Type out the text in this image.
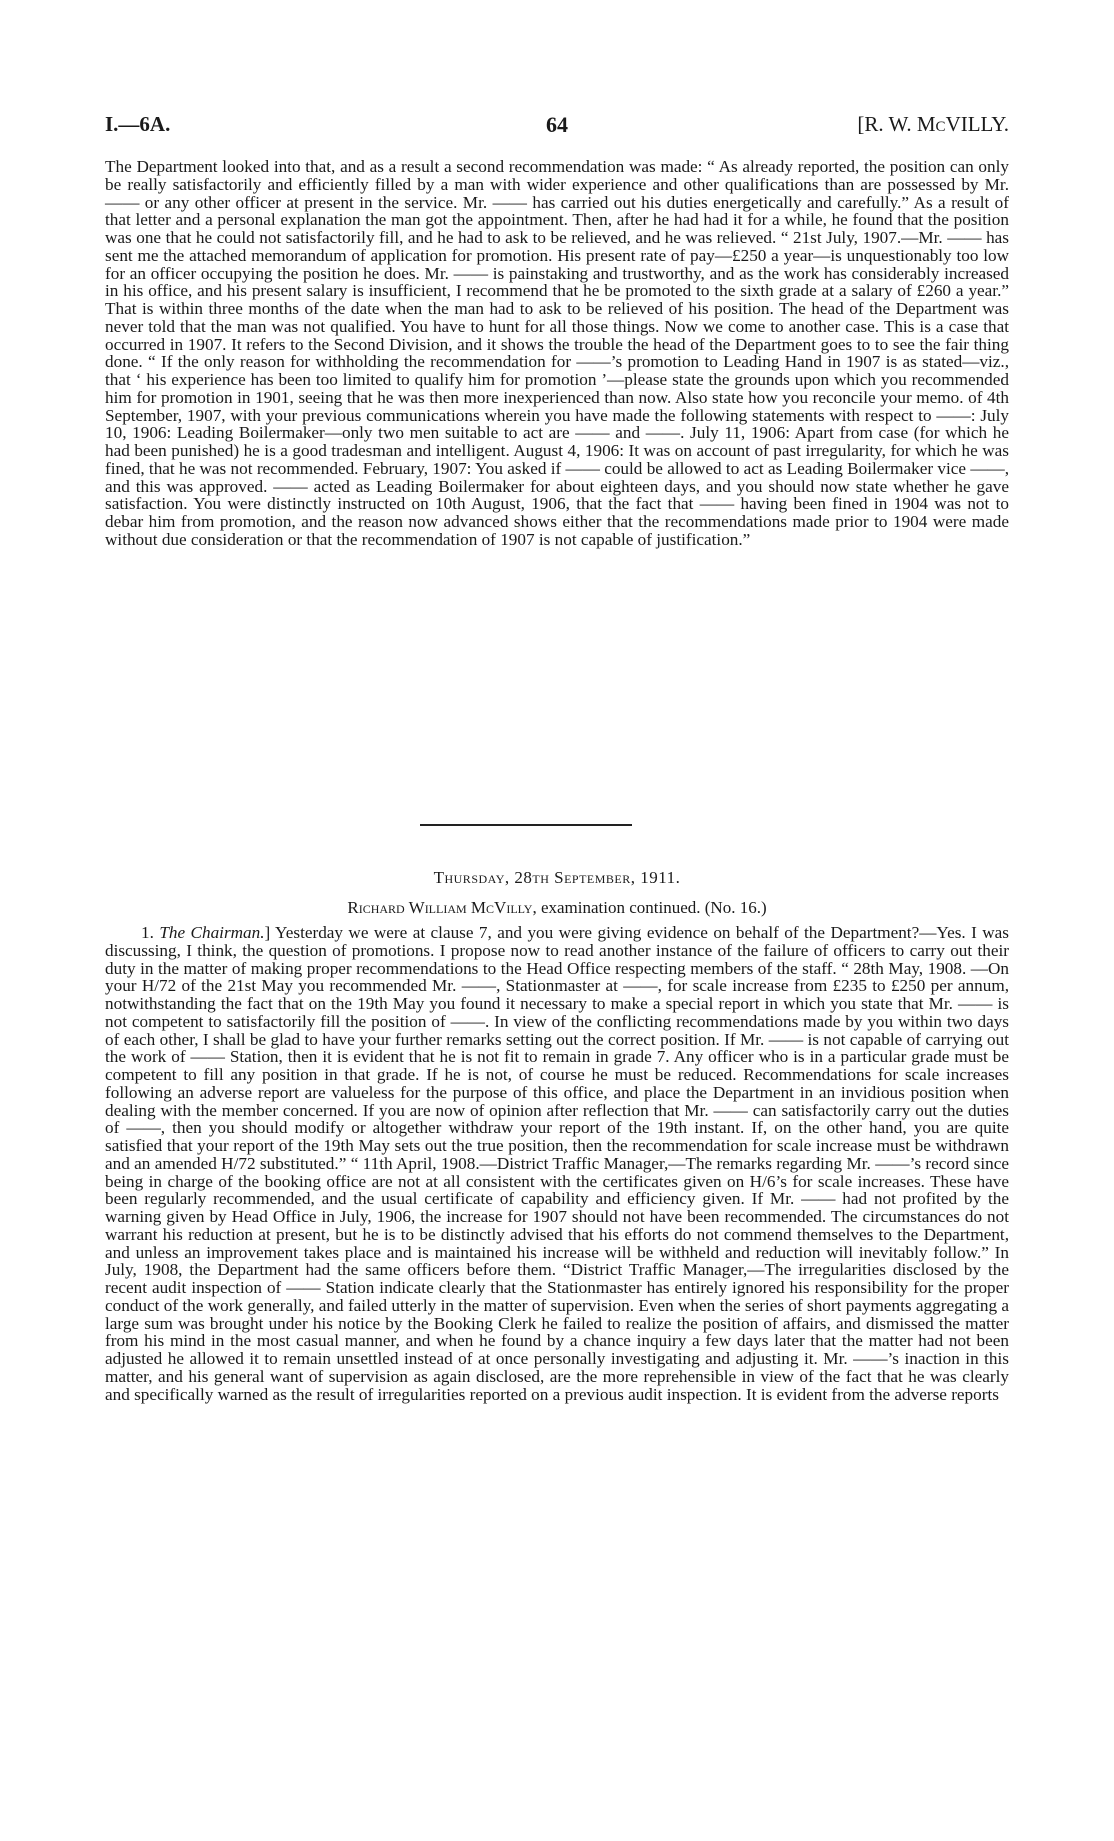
I.—6A.	64	[R. W. McVILLY.
The Department looked into that, and as a result a second recommendation was made: “ As already reported, the position can only be really satisfactorily and efficiently filled by a man with wider experience and other qualifications than are possessed by Mr. —— or any other officer at present in the service. Mr. —— has carried out his duties energetically and carefully.” As a result of that letter and a personal explanation the man got the appointment. Then, after he had had it for a while, he found that the position was one that he could not satisfactorily fill, and he had to ask to be relieved, and he was relieved. “ 21st July, 1907.—Mr. —— has sent me the attached memorandum of application for promotion. His present rate of pay—£250 a year—is unquestionably too low for an officer occupying the position he does. Mr. —— is painstaking and trustworthy, and as the work has considerably increased in his office, and his present salary is insufficient, I recommend that he be promoted to the sixth grade at a salary of £260 a year.” That is within three months of the date when the man had to ask to be relieved of his position. The head of the Department was never told that the man was not qualified. You have to hunt for all those things. Now we come to another case. This is a case that occurred in 1907. It refers to the Second Division, and it shows the trouble the head of the Department goes to to see the fair thing done. “ If the only reason for withholding the recommendation for ——’s promotion to Leading Hand in 1907 is as stated—viz., that ‘ his experience has been too limited to qualify him for promotion ’—please state the grounds upon which you recommended him for promotion in 1901, seeing that he was then more inexperienced than now. Also state how you reconcile your memo. of 4th September, 1907, with your previous communications wherein you have made the following statements with respect to ——: July 10, 1906: Leading Boilermaker—only two men suitable to act are —— and ——. July 11, 1906: Apart from case (for which he had been punished) he is a good tradesman and intelligent. August 4, 1906: It was on account of past irregularity, for which he was fined, that he was not recommended. February, 1907: You asked if —— could be allowed to act as Leading Boilermaker vice ——, and this was approved. —— acted as Leading Boilermaker for about eighteen days, and you should now state whether he gave satisfaction. You were distinctly instructed on 10th August, 1906, that the fact that —— having been fined in 1904 was not to debar him from promotion, and the reason now advanced shows either that the recommendations made prior to 1904 were made without due consideration or that the recommendation of 1907 is not capable of justification.”
Thursday, 28th September, 1911.
Richard William McVilly, examination continued. (No. 16.)
1. The Chairman.] Yesterday we were at clause 7, and you were giving evidence on behalf of the Department?—Yes. I was discussing, I think, the question of promotions. I propose now to read another instance of the failure of officers to carry out their duty in the matter of making proper recommendations to the Head Office respecting members of the staff. “ 28th May, 1908. —On your H/72 of the 21st May you recommended Mr. ——, Stationmaster at ——, for scale increase from £235 to £250 per annum, notwithstanding the fact that on the 19th May you found it necessary to make a special report in which you state that Mr. —— is not competent to satisfactorily fill the position of ——. In view of the conflicting recommendations made by you within two days of each other, I shall be glad to have your further remarks setting out the correct position. If Mr. —— is not capable of carrying out the work of —— Station, then it is evident that he is not fit to remain in grade 7. Any officer who is in a particular grade must be competent to fill any position in that grade. If he is not, of course he must be reduced. Recommendations for scale increases following an adverse report are valueless for the purpose of this office, and place the Department in an invidious position when dealing with the member concerned. If you are now of opinion after reflection that Mr. —— can satisfactorily carry out the duties of ——, then you should modify or altogether withdraw your report of the 19th instant. If, on the other hand, you are quite satisfied that your report of the 19th May sets out the true position, then the recommendation for scale increase must be withdrawn and an amended H/72 substituted.” “ 11th April, 1908.—District Traffic Manager,—The remarks regarding Mr. ——’s record since being in charge of the booking office are not at all consistent with the certificates given on H/6’s for scale increases. These have been regularly recommended, and the usual certificate of capability and efficiency given. If Mr. —— had not profited by the warning given by Head Office in July, 1906, the increase for 1907 should not have been recommended. The circumstances do not warrant his reduction at present, but he is to be distinctly advised that his efforts do not commend themselves to the Department, and unless an improvement takes place and is maintained his increase will be withheld and reduction will inevitably follow.” In July, 1908, the Department had the same officers before them. “District Traffic Manager,—The irregularities disclosed by the recent audit inspection of —— Station indicate clearly that the Stationmaster has entirely ignored his responsibility for the proper conduct of the work generally, and failed utterly in the matter of supervision. Even when the series of short payments aggregating a large sum was brought under his notice by the Booking Clerk he failed to realize the position of affairs, and dismissed the matter from his mind in the most casual manner, and when he found by a chance inquiry a few days later that the matter had not been adjusted he allowed it to remain unsettled instead of at once personally investigating and adjusting it. Mr. ——’s inaction in this matter, and his general want of supervision as again disclosed, are the more reprehensible in view of the fact that he was clearly and specifically warned as the result of irregularities reported on a previous audit inspection. It is evident from the adverse reports
